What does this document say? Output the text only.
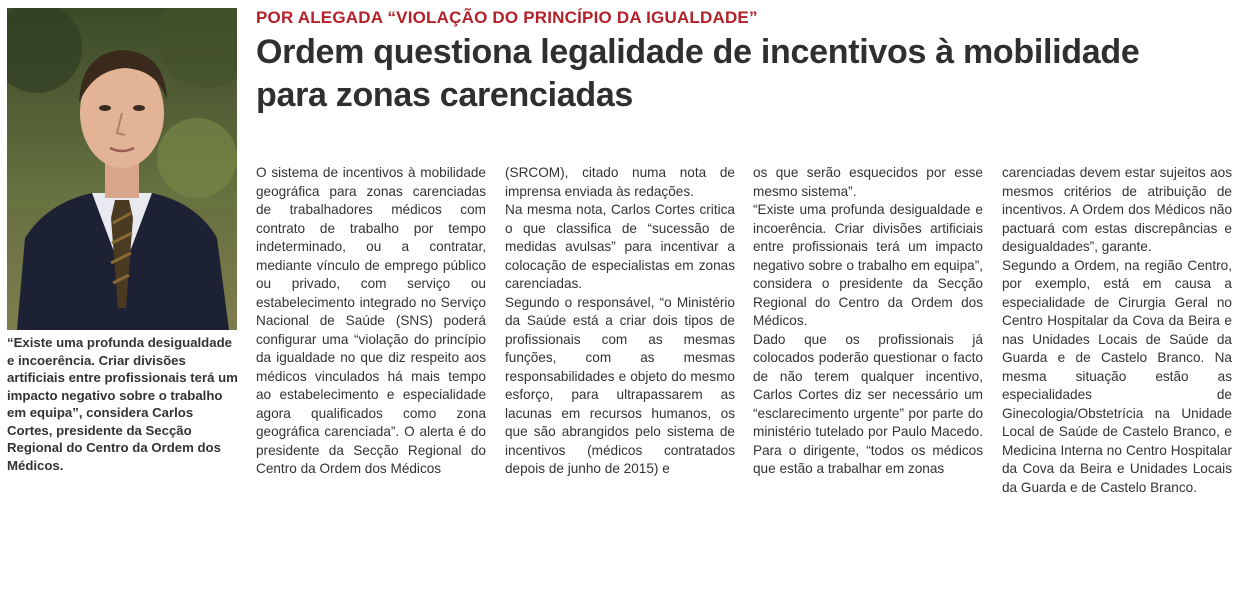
“Existe uma profunda desigualdade e incoerência. Criar divisões artificiais entre profissionais terá um impacto negativo sobre o trabalho em equipa”, considera Carlos Cortes, presidente da Secção Regional do Centro da Ordem dos Médicos.

POR ALEGADA “VIOLAÇÃO DO PRINCÍPIO DA IGUALDADE”
Ordem questiona legalidade de incentivos à mobilidade para zonas carenciadas

O sistema de incentivos à mobilidade geográfica para zonas carenciadas de trabalhadores médicos com contrato de trabalho por tempo indeterminado, ou a contratar, mediante vínculo de emprego público ou privado, com serviço ou estabelecimento integrado no Serviço Nacional de Saúde (SNS) poderá configurar uma “violação do princípio da igualdade no que diz respeito aos médicos vinculados há mais tempo ao estabelecimento e especialidade agora qualificados como zona geográfica carenciada”. O alerta é do presidente da Secção Regional do Centro da Ordem dos Médicos

(SRCOM), citado numa nota de imprensa enviada às redações.

Na mesma nota, Carlos Cortes critica o que classifica de “sucessão de medidas avulsas” para incentivar a colocação de especialistas em zonas carenciadas.

Segundo o responsável, “o Ministério da Saúde está a criar dois tipos de profissionais com as mesmas funções, com as mesmas responsabilidades e objeto do mesmo esforço, para ultrapassarem as lacunas em recursos humanos, os que são abrangidos pelo sistema de incentivos (médicos contratados depois de junho de 2015) e

os que serão esquecidos por esse mesmo sistema”.

“Existe uma profunda desigualdade e incoerência. Criar divisões artificiais entre profissionais terá um impacto negativo sobre o trabalho em equipa”, considera o presidente da Secção Regional do Centro da Ordem dos Médicos.

Dado que os profissionais já colocados poderão questionar o facto de não terem qualquer incentivo, Carlos Cortes diz ser necessário um “esclarecimento urgente” por parte do ministério tutelado por Paulo Macedo. Para o dirigente, “todos os médicos que estão a trabalhar em zonas

carenciadas devem estar sujeitos aos mesmos critérios de atribuição de incentivos. A Ordem dos Médicos não pactuará com estas discrepâncias e desigualdades”, garante.

Segundo a Ordem, na região Centro, por exemplo, está em causa a especialidade de Cirurgia Geral no Centro Hospitalar da Cova da Beira e nas Unidades Locais de Saúde da Guarda e de Castelo Branco. Na mesma situação estão as especialidades de Ginecologia/Obstetrícia na Unidade Local de Saúde de Castelo Branco, e Medicina Interna no Centro Hospitalar da Cova da Beira e Unidades Locais da Guarda e de Castelo Branco.
